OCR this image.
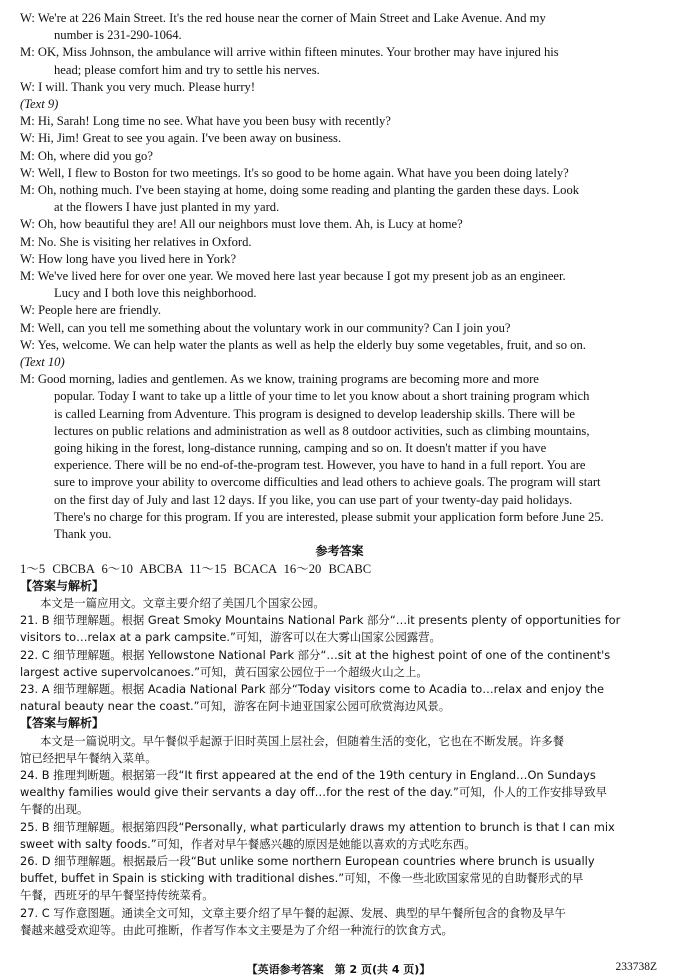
W: We're at 226 Main Street. It's the red house near the corner of Main Street and Lake Avenue. And my
number is 231-290-1064.
M: OK, Miss Johnson, the ambulance will arrive within fifteen minutes. Your brother may have injured his
head; please comfort him and try to settle his nerves.
W: I will. Thank you very much. Please hurry!
(Text 9)
M: Hi, Sarah! Long time no see. What have you been busy with recently?
W: Hi, Jim! Great to see you again. I've been away on business.
M: Oh, where did you go?
W: Well, I flew to Boston for two meetings. It's so good to be home again. What have you been doing lately?
M: Oh, nothing much. I've been staying at home, doing some reading and planting the garden these days. Look
at the flowers I have just planted in my yard.
W: Oh, how beautiful they are! All our neighbors must love them. Ah, is Lucy at home?
M: No. She is visiting her relatives in Oxford.
W: How long have you lived here in York?
M: We've lived here for over one year. We moved here last year because I got my present job as an engineer.
Lucy and I both love this neighborhood.
W: People here are friendly.
M: Well, can you tell me something about the voluntary work in our community? Can I join you?
W: Yes, welcome. We can help water the plants as well as help the elderly buy some vegetables, fruit, and so on.
(Text 10)
M: Good morning, ladies and gentlemen. As we know, training programs are becoming more and more
popular. Today I want to take up a little of your time to let you know about a short training program which
is called Learning from Adventure. This program is designed to develop leadership skills. There will be
lectures on public relations and administration as well as 8 outdoor activities, such as climbing mountains,
going hiking in the forest, long-distance running, camping and so on. It doesn't matter if you have
experience. There will be no end-of-the-program test. However, you have to hand in a full report. You are
sure to improve your ability to overcome difficulties and lead others to achieve goals. The program will start
on the first day of July and last 12 days. If you like, you can use part of your twenty-day paid holidays.
There's no charge for this program. If you are interested, please submit your application form before June 25.
Thank you.
参考答案
1～5 CBCBA 6～10 ABCBA 11～15 BCACA 16～20 BCABC
【答案与解析】
本文是一篇应用文。文章主要介绍了美国几个国家公园。
21. B 细节理解题。根据 Great Smoky Mountains National Park 部分“…it presents plenty of opportunities for
visitors to…relax at a park campsite.”可知，游客可以在大雾山国家公园露营。
22. C 细节理解题。根据 Yellowstone National Park 部分“…sit at the highest point of one of the continent's
largest active supervolcanoes.”可知，黄石国家公园位于一个超级火山之上。
23. A 细节理解题。根据 Acadia National Park 部分“Today visitors come to Acadia to…relax and enjoy the
natural beauty near the coast.”可知，游客在阿卡迪亚国家公园可欣赏海边风景。
【答案与解析】
本文是一篇说明文。早午餐似乎起源于旧时英国上层社会，但随着生活的变化，它也在不断发展。许多餐
馆已经把早午餐纳入菜单。
24. B 推理判断题。根据第一段“It first appeared at the end of the 19th century in England…On Sundays
wealthy families would give their servants a day off…for the rest of the day.”可知，仆人的工作安排导致早
午餐的出现。
25. B 细节理解题。根据第四段“Personally, what particularly draws my attention to brunch is that I can mix
sweet with salty foods.”可知，作者对早午餐感兴趣的原因是她能以喜欢的方式吃东西。
26. D 细节理解题。根据最后一段“But unlike some northern European countries where brunch is usually
buffet, buffet in Spain is sticking with traditional dishes.”可知，不像一些北欧国家常见的自助餐形式的早
午餐，西班牙的早午餐坚持传统菜肴。
27. C 写作意图题。通读全文可知，文章主要介绍了早午餐的起源、发展、典型的早午餐所包含的食物及早午
餐越来越受欢迎等。由此可推断，作者写作本文主要是为了介绍一种流行的饮食方式。
【英语参考答案　第 2 页(共 4 页)】	233738Z
